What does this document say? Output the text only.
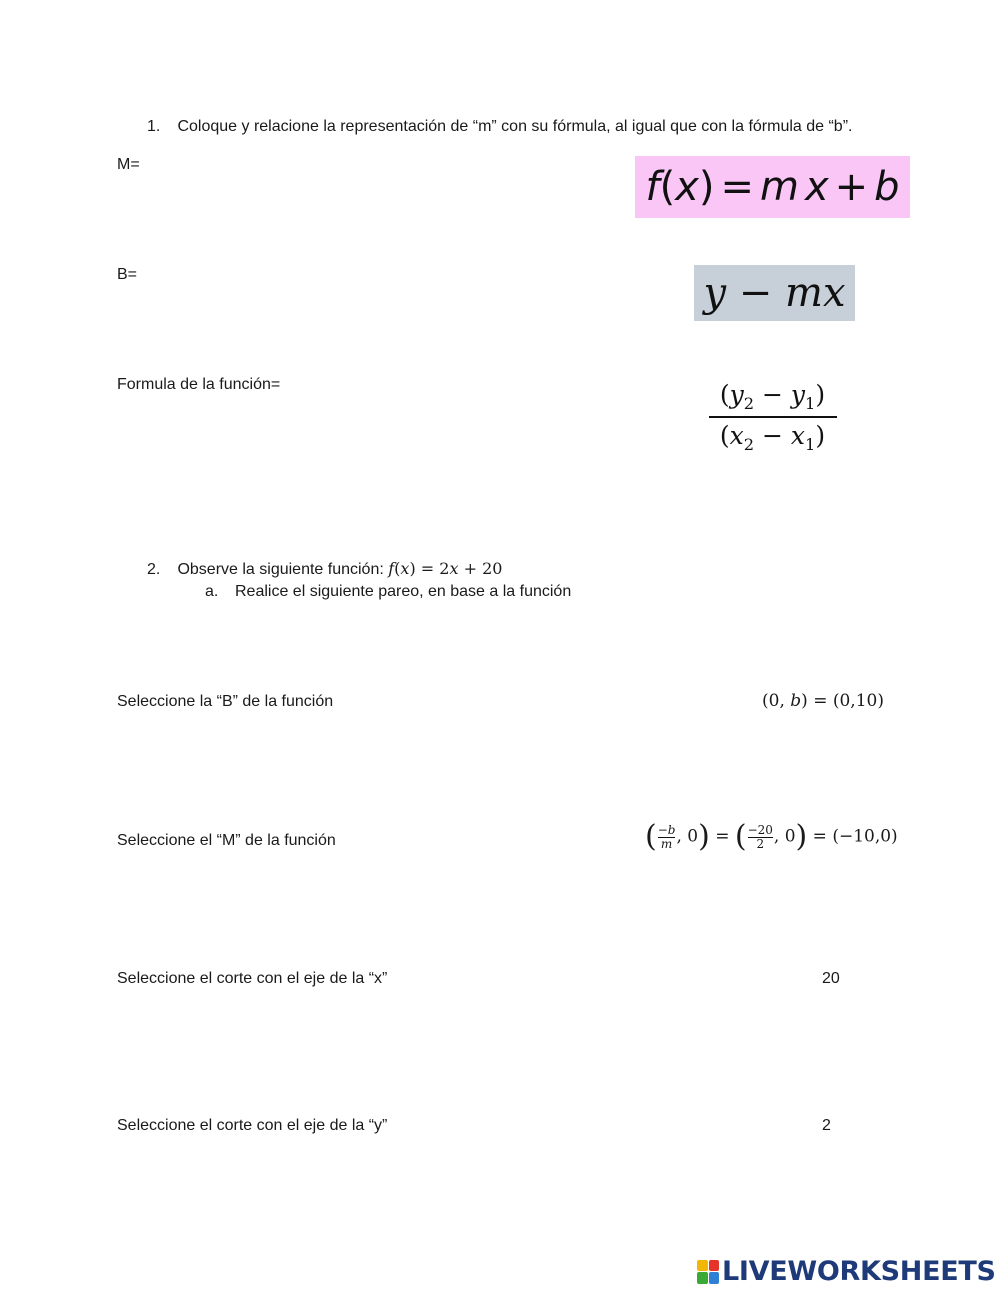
1. Coloque y relacione la representación de “m” con su fórmula, al igual que con la fórmula de “b”.
M=
B=
Formula de la función=
f ( x ) = m x + b
y
−
mx
$(y_2 - y_1)$
$(x_2 - x_1)$
2. Observe la siguiente función: f(x) = 2x + 20
a. Realice el siguiente pareo, en base a la función
Seleccione la “B” de la función
Seleccione el “M” de la función
Seleccione el corte con el eje de la “x”
Seleccione el corte con el eje de la “y”
(0, b) = (0,10)
( $\frac{-b}{m}$ , 0) = ( $\frac{-20}{2}$ , 0) = (−10,0)
20
2
LIVEWORKSHEETS
